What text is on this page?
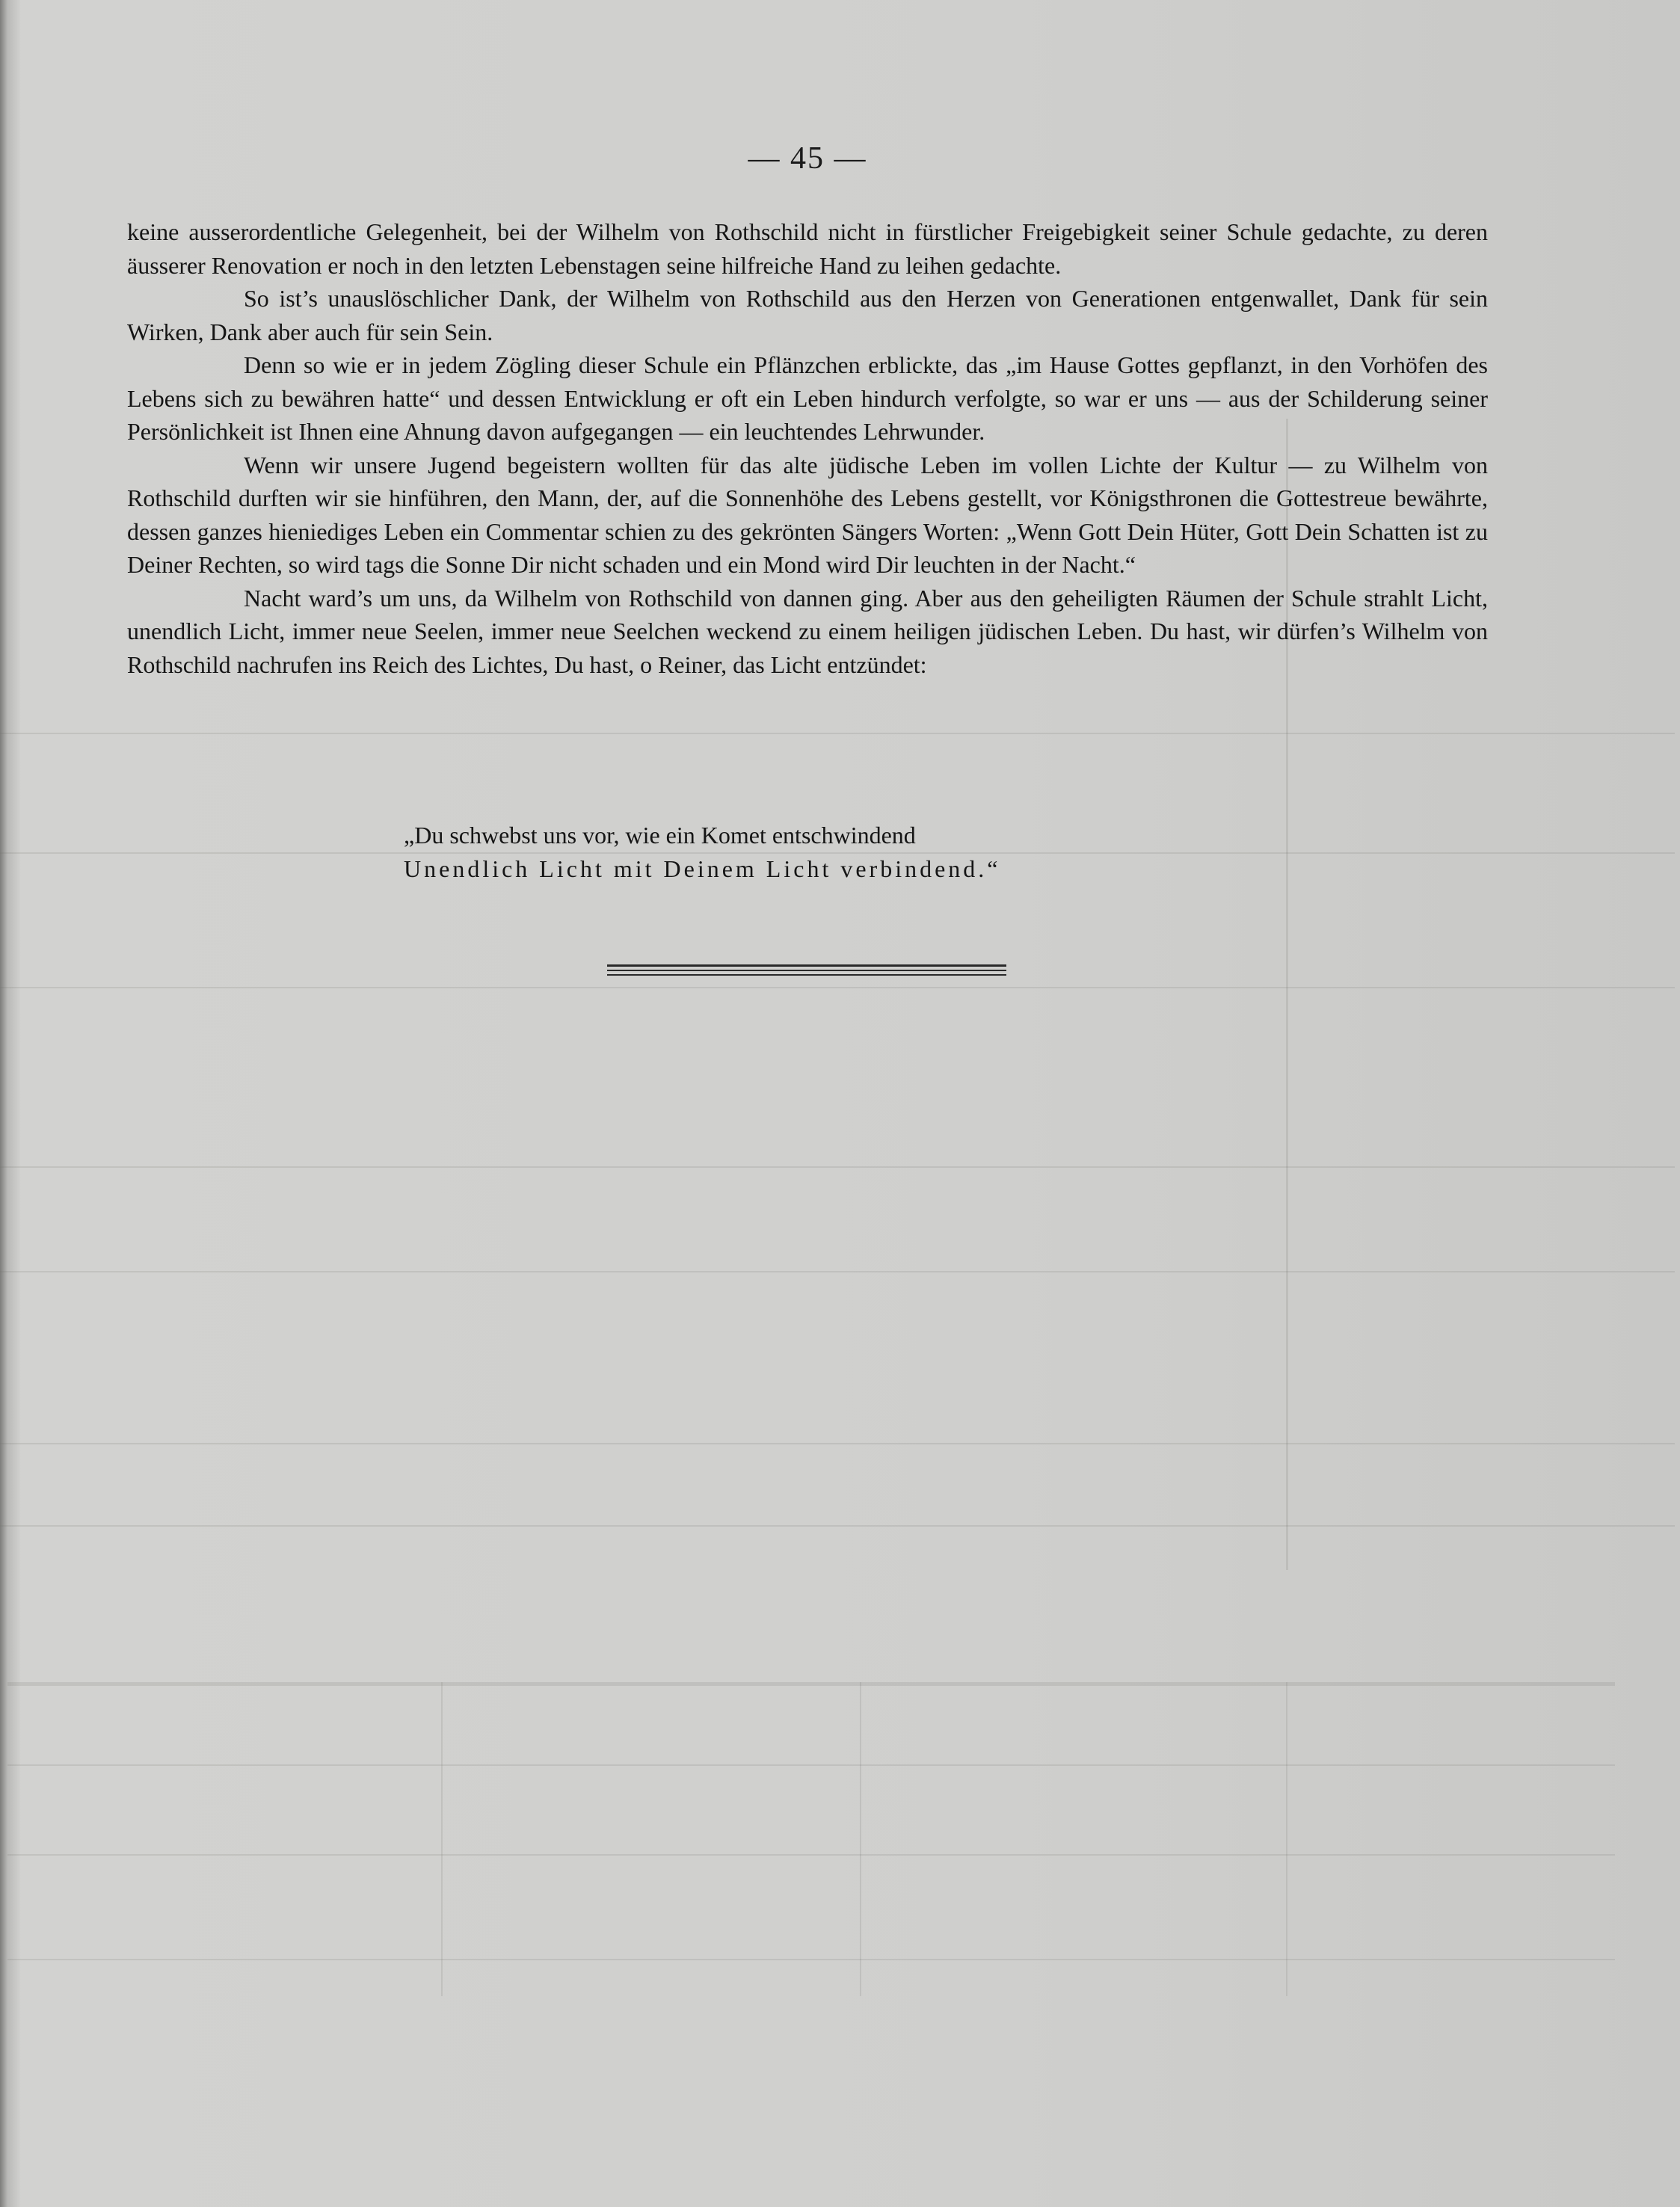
— 45 —

keine ausserordentliche Gelegenheit, bei der Wilhelm von Rothschild nicht in fürstlicher Freigebigkeit seiner Schule gedachte, zu deren äusserer Renovation er noch in den letzten Lebenstagen seine hilfreiche Hand zu leihen gedachte.

So ist’s unauslöschlicher Dank, der Wilhelm von Rothschild aus den Herzen von Generationen entgenwallet, Dank für sein Wirken, Dank aber auch für sein Sein.

Denn so wie er in jedem Zögling dieser Schule ein Pflänzchen erblickte, das „im Hause Gottes gepflanzt, in den Vorhöfen des Lebens sich zu bewähren hatte“ und dessen Entwicklung er oft ein Leben hindurch verfolgte, so war er uns — aus der Schilderung seiner Persönlichkeit ist Ihnen eine Ahnung davon aufgegangen — ein leuchtendes Lehrwunder.

Wenn wir unsere Jugend begeistern wollten für das alte jüdische Leben im vollen Lichte der Kultur — zu Wilhelm von Rothschild durften wir sie hinführen, den Mann, der, auf die Sonnenhöhe des Lebens gestellt, vor Königsthronen die Gottestreue bewährte, dessen ganzes hieniediges Leben ein Commentar schien zu des gekrönten Sängers Worten: „Wenn Gott Dein Hüter, Gott Dein Schatten ist zu Deiner Rechten, so wird tags die Sonne Dir nicht schaden und ein Mond wird Dir leuchten in der Nacht.“

Nacht ward’s um uns, da Wilhelm von Rothschild von dannen ging. Aber aus den geheiligten Räumen der Schule strahlt Licht, unendlich Licht, immer neue Seelen, immer neue Seelchen weckend zu einem heiligen jüdischen Leben. Du hast, wir dürfen’s Wilhelm von Rothschild nachrufen ins Reich des Lichtes, Du hast, o Reiner, das Licht entzündet:

„Du schwebst uns vor, wie ein Komet entschwindend
Unendlich Licht mit Deinem Licht verbindend.“
